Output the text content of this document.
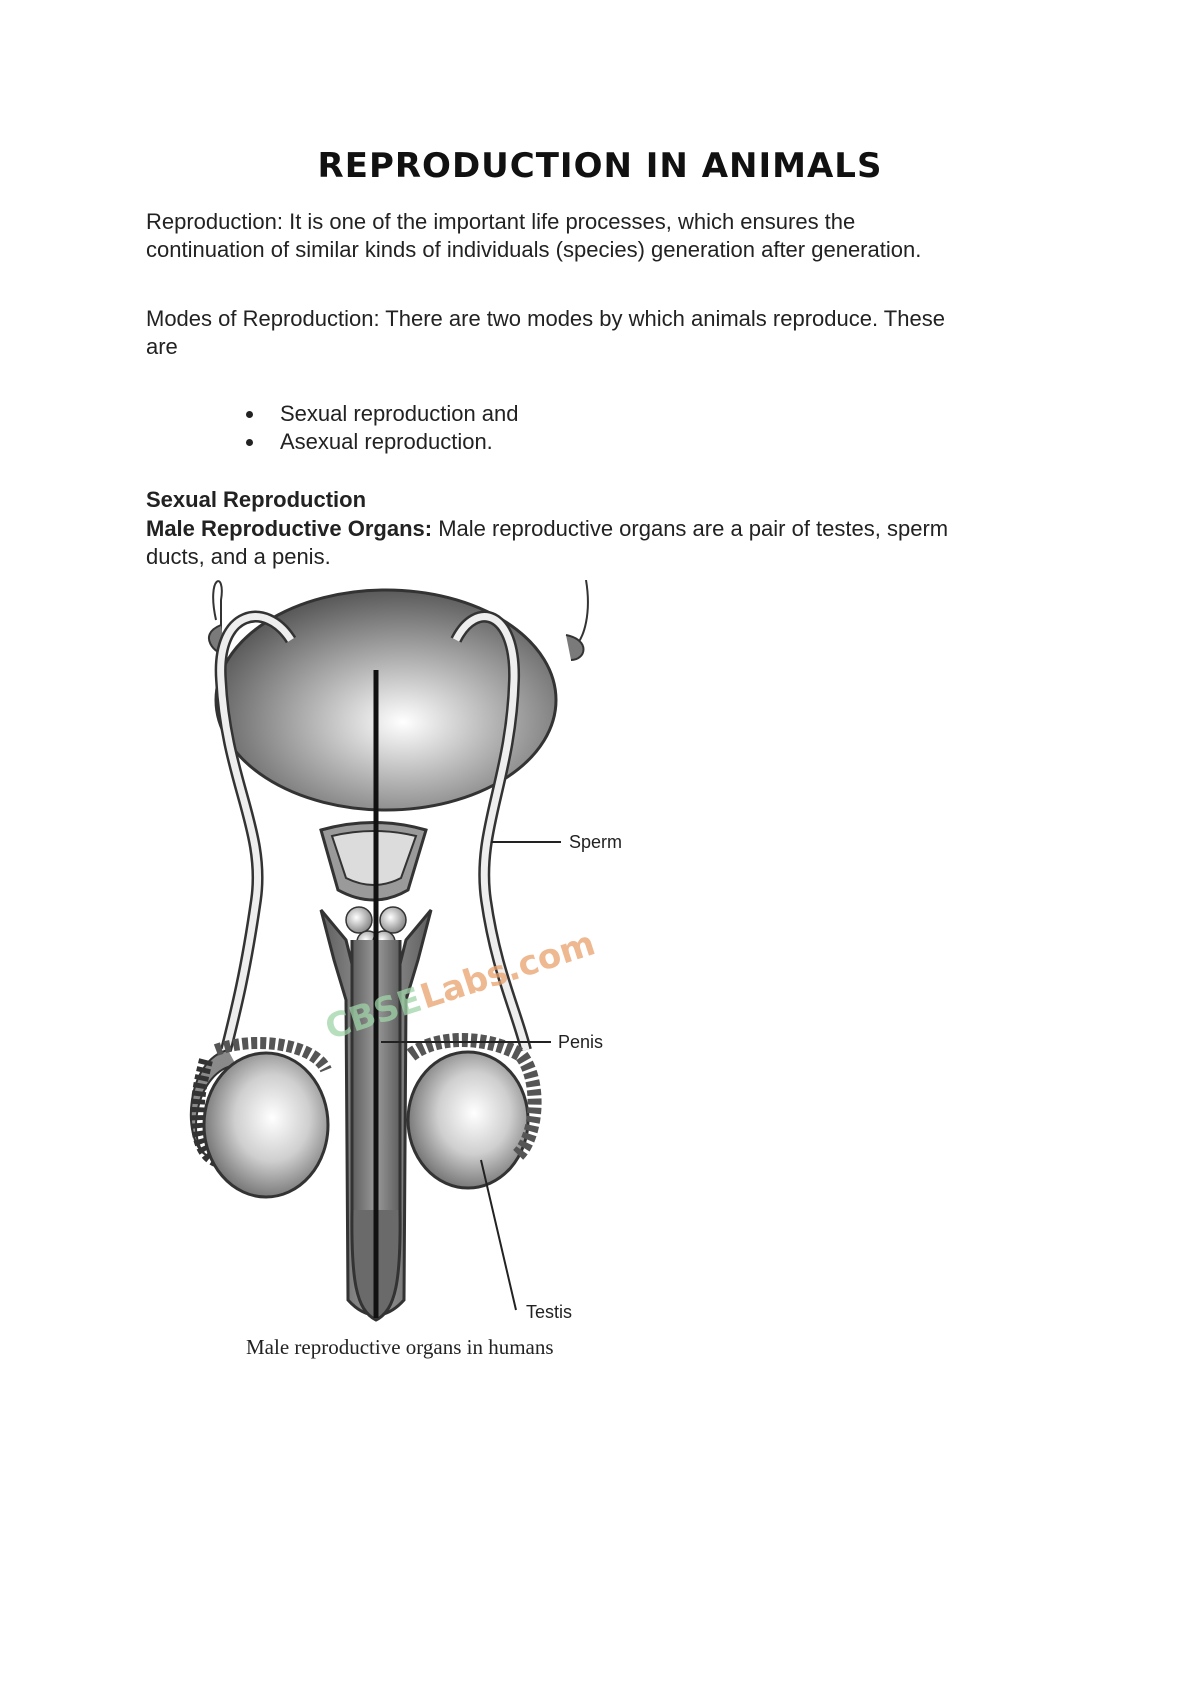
REPRODUCTION IN ANIMALS
Reproduction: It is one of the important life processes, which ensures the
continuation of similar kinds of individuals (species) generation after generation.
Modes of Reproduction: There are two modes by which animals reproduce. These
are
Sexual reproduction and
Asexual reproduction.
Sexual Reproduction
Male Reproductive Organs: Male reproductive organs are a pair of testes, sperm
ducts, and a penis.
CBSE
Labs.com
Sperm
Penis
Testis
Male reproductive organs in humans
